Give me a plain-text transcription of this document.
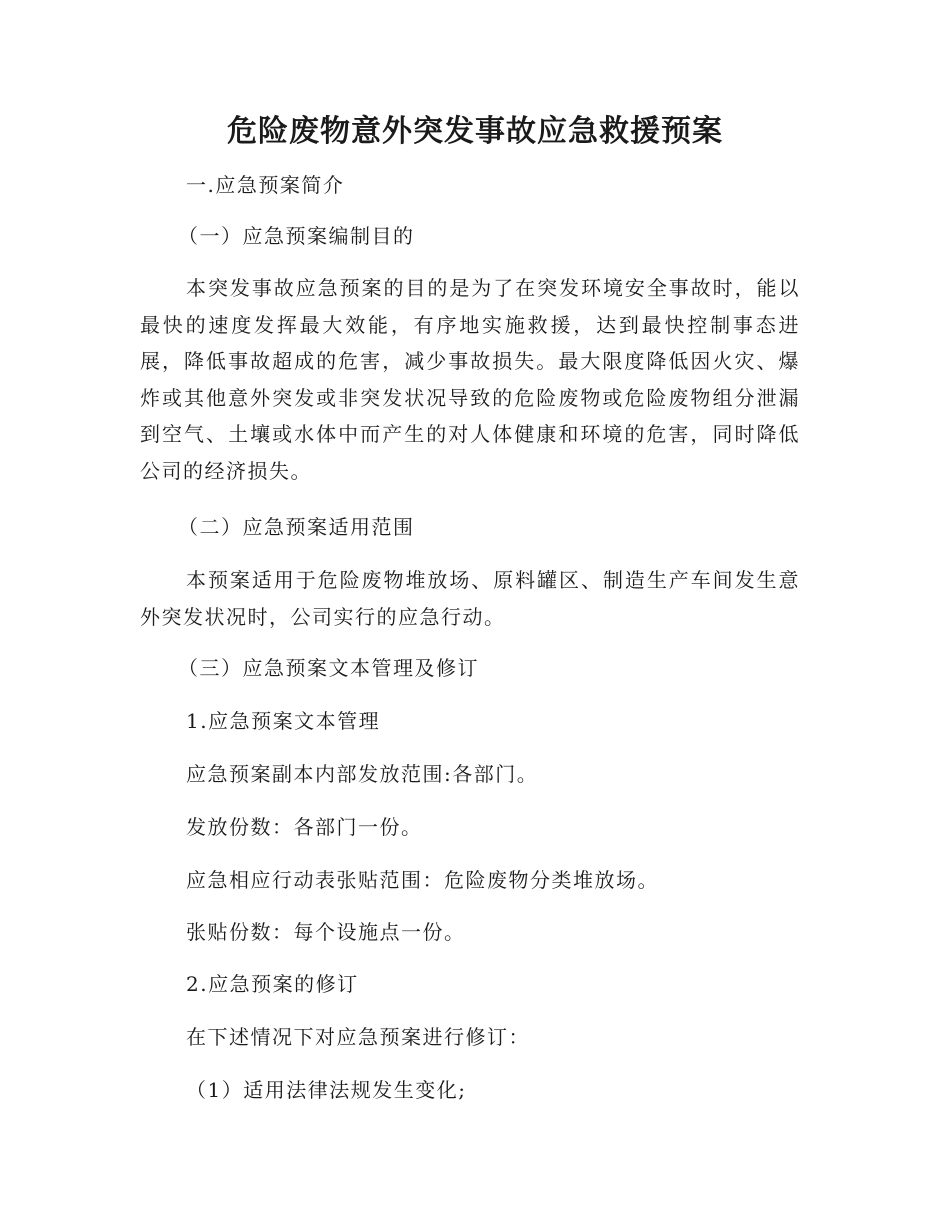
危险废物意外突发事故应急救援预案
一.应急预案简介
（一）应急预案编制目的
本突发事故应急预案的目的是为了在突发环境安全事故时，能以最快的速度发挥最大效能，有序地实施救援，达到最快控制事态进展，降低事故超成的危害，减少事故损失。最大限度降低因火灾、爆炸或其他意外突发或非突发状况导致的危险废物或危险废物组分泄漏到空气、土壤或水体中而产生的对人体健康和环境的危害，同时降低公司的经济损失。
（二）应急预案适用范围
本预案适用于危险废物堆放场、原料罐区、制造生产车间发生意外突发状况时，公司实行的应急行动。
（三）应急预案文本管理及修订
1.应急预案文本管理
应急预案副本内部发放范围:各部门。
发放份数：各部门一份。
应急相应行动表张贴范围：危险废物分类堆放场。
张贴份数：每个设施点一份。
2.应急预案的修订
在下述情况下对应急预案进行修订：
（1）适用法律法规发生变化;
